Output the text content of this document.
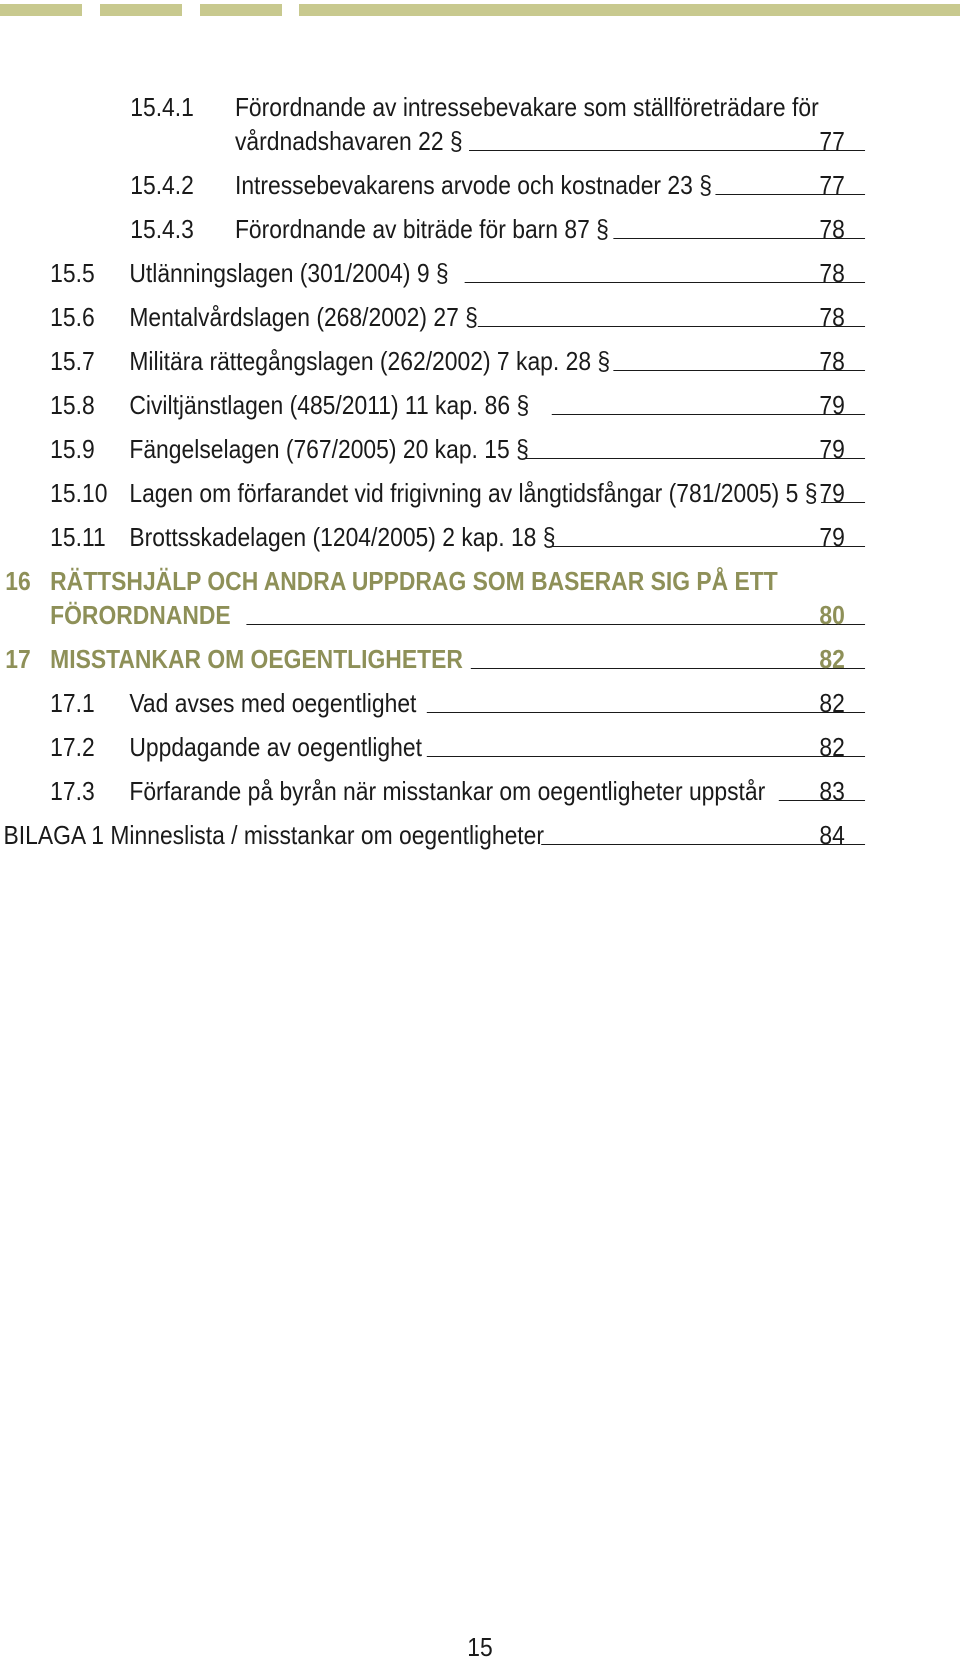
15.4.1 Förordnande av intressebevakare som ställföreträdare för
vårdnadshavaren 22 §	77
15.4.2 Intressebevakarens arvode och kostnader 23 §	77
15.4.3 Förordnande av biträde för barn 87 §	78
15.5 Utlänningslagen (301/2004) 9 §	78
15.6 Mentalvårdslagen (268/2002) 27 §	78
15.7 Militära rättegångslagen (262/2002) 7 kap. 28 §	78
15.8 Civiltjänstlagen (485/2011) 11 kap. 86 §	79
15.9 Fängelselagen (767/2005) 20 kap. 15 §	79
15.10 Lagen om förfarandet vid frigivning av långtidsfångar (781/2005) 5 § 79
15.11 Brottsskadelagen (1204/2005) 2 kap. 18 §	79
16 RÄTTSHJÄLP OCH ANDRA UPPDRAG SOM BASERAR SIG PÅ ETT
FÖRORDNANDE	80
17 MISSTANKAR OM OEGENTLIGHETER	82
17.1 Vad avses med oegentlighet	82
17.2 Uppdagande av oegentlighet	82
17.3 Förfarande på byrån när misstankar om oegentligheter uppstår 83
BILAGA 1 Minneslista / misstankar om oegentligheter	84
15
